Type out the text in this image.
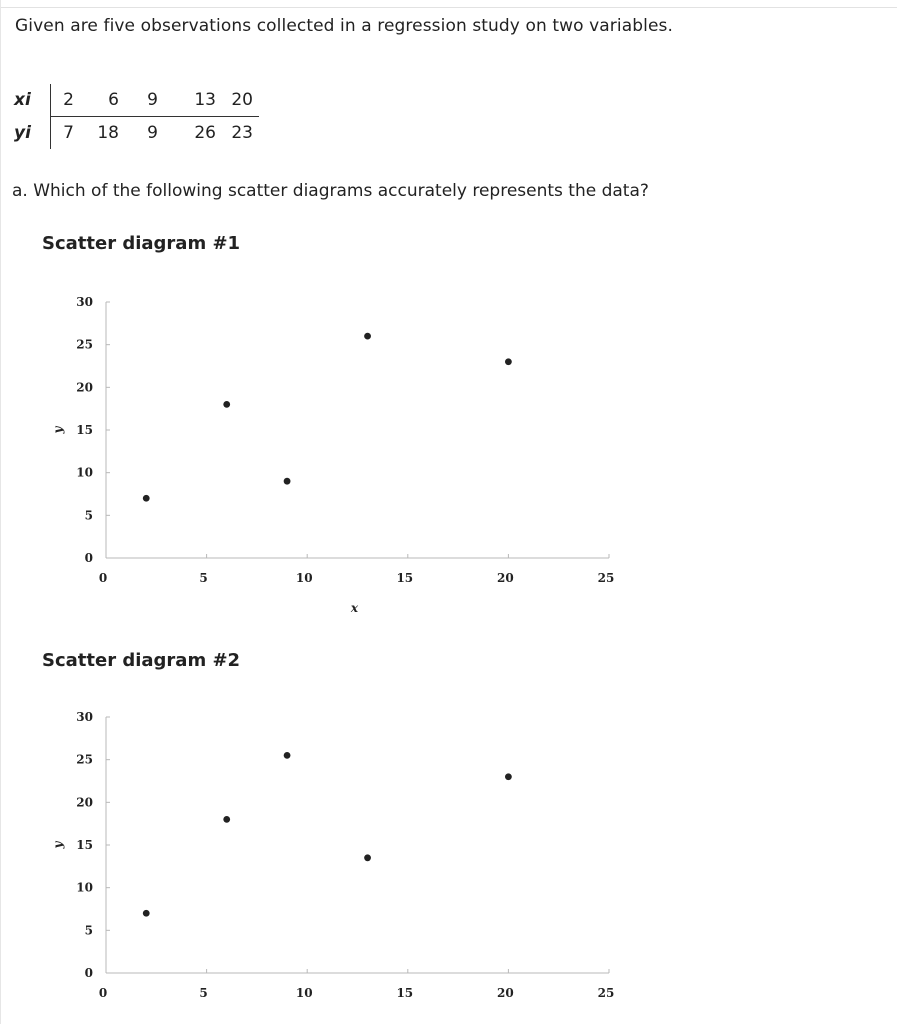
Given are five observations collected in a regression study on two variables.
xi	2	6	9	13	20
yi	7	18	9	26	23
a. Which of the following scatter diagrams accurately represents the data?
Scatter diagram #1
0
5
10
15
20
25
30
0	5	10	15	20	25
y
x
Scatter diagram #2
0
5
10
15
20
25
30
0	5	10	15	20	25
y
